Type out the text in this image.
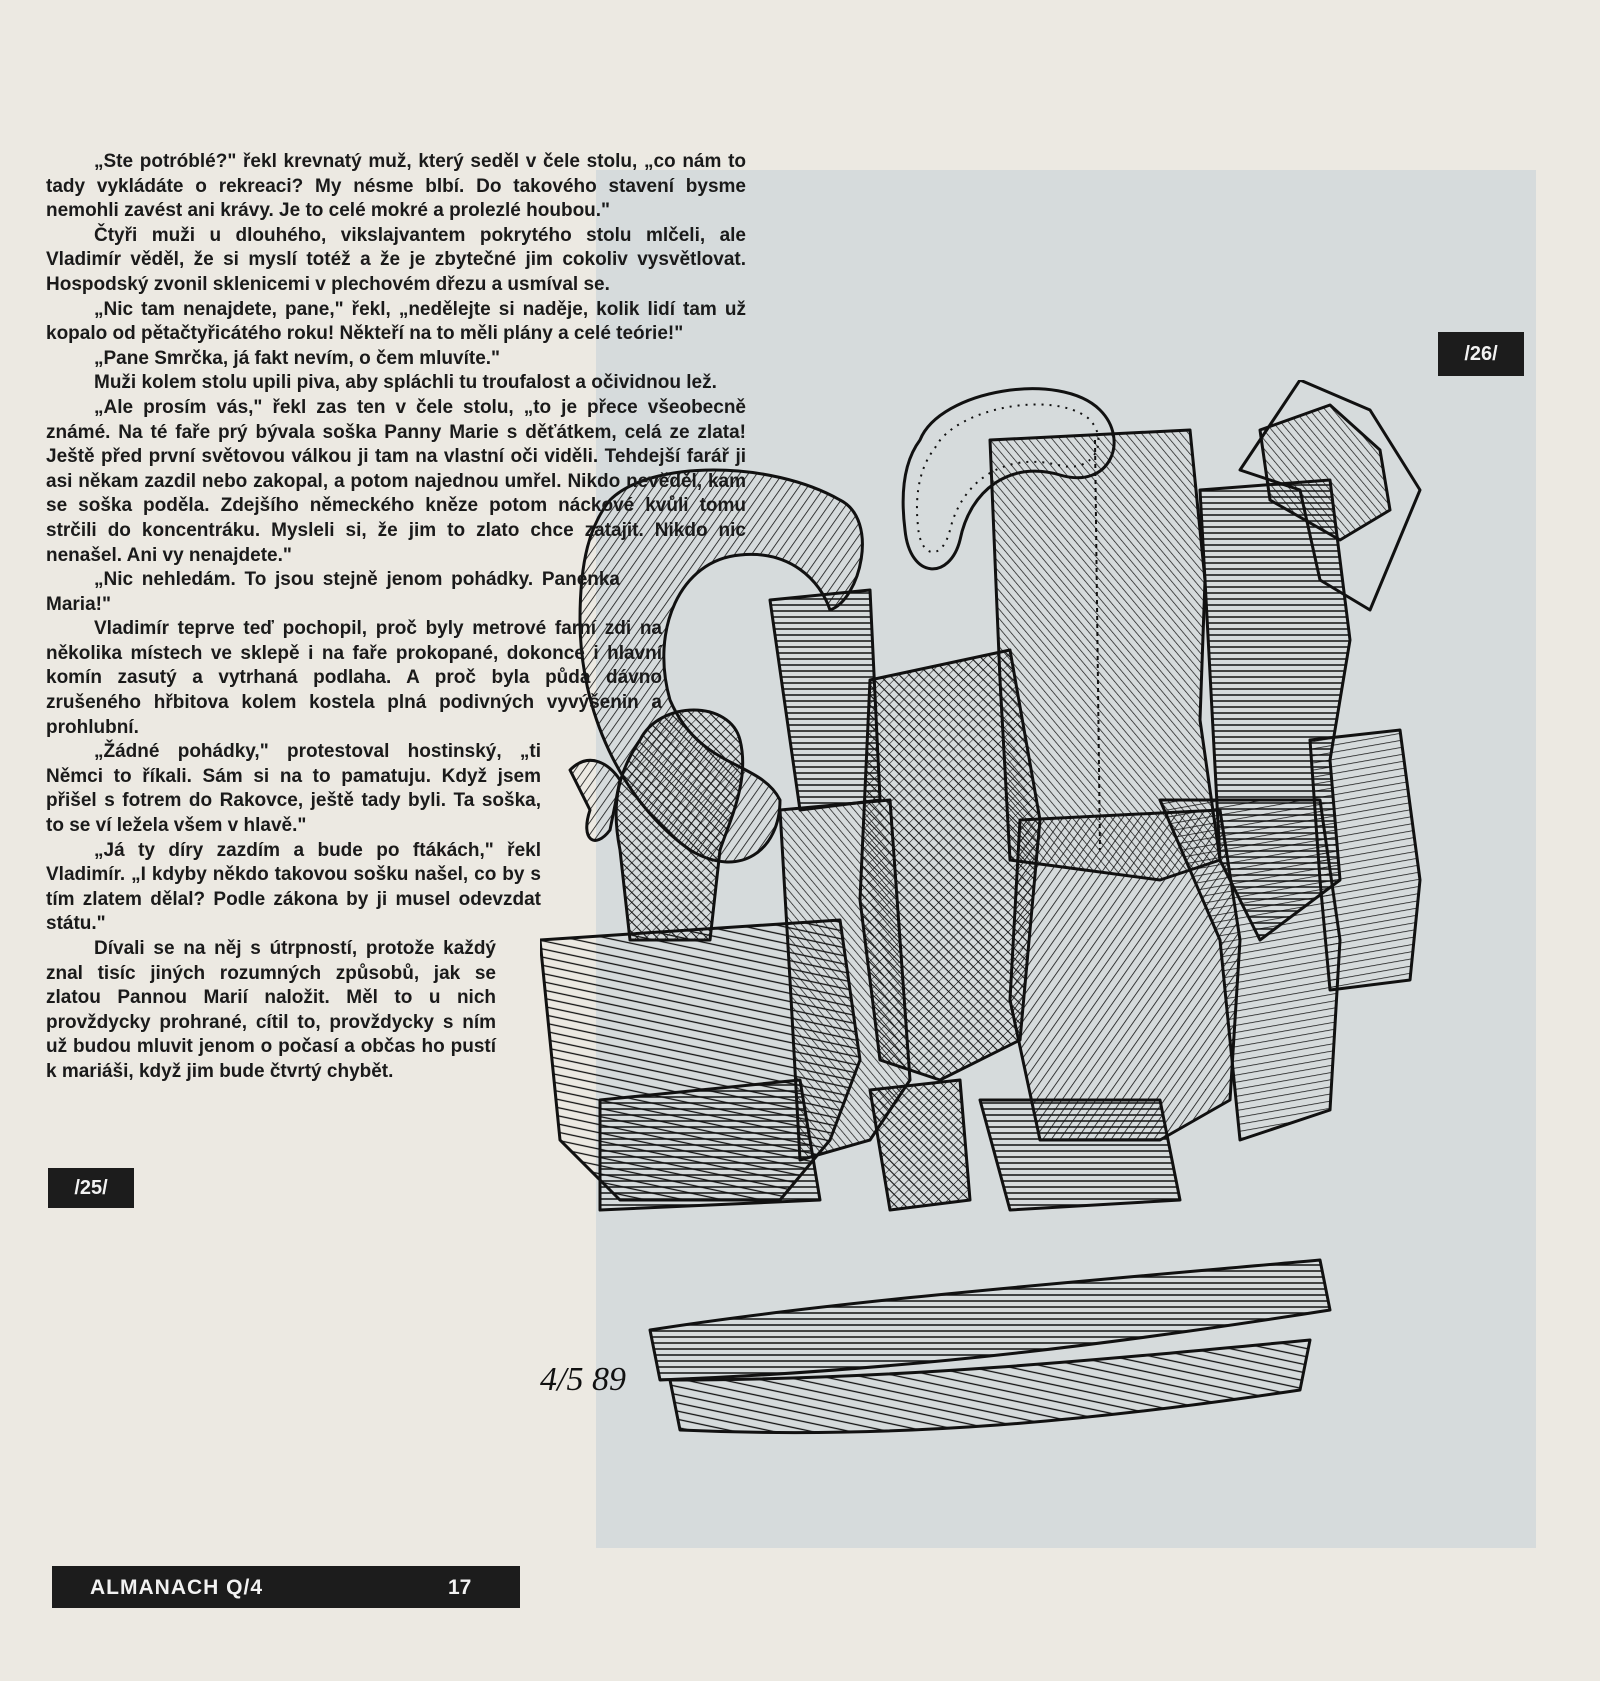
4/5 89

„Ste potróblé?" řekl krevnatý muž, který seděl v čele stolu, „co nám to tady vykládáte o rekreaci? My nésme blbí. Do takového stavení bysme nemohli zavést ani krávy. Je to celé mokré a prolezlé houbou."

Čtyři muži u dlouhého, vikslajvantem pokrytého stolu mlčeli, ale Vladimír věděl, že si myslí totéž a že je zbytečné jim cokoliv vysvětlovat. Hospodský zvonil sklenicemi v plechovém dřezu a usmíval se.

„Nic tam nenajdete, pane," řekl, „nedělejte si naděje, kolik lidí tam už kopalo od pětačtyřicátého roku! Někteří na to měli plány a celé teórie!"

„Pane Smrčka, já fakt nevím, o čem mluvíte."

Muži kolem stolu upili piva, aby spláchli tu troufalost a očividnou lež.

„Ale prosím vás," řekl zas ten v čele stolu, „to je přece všeobecně známé. Na té faře prý bývala soška Panny Marie s děťátkem, celá ze zlata! Ještě před první světovou válkou ji tam na vlastní oči viděli. Tehdejší farář ji asi někam zazdil nebo zakopal, a potom najednou umřel. Nikdo nevěděl, kam se soška poděla. Zdejšího německého kněze potom náckové kvůli tomu strčili do koncentráku. Mysleli si, že jim to zlato chce zatajit. Nikdo nic nenašel. Ani vy nenajdete."

„Nic nehledám. To jsou stejně jenom pohádky. Panenka Maria!"

Vladimír teprve teď pochopil, proč byly metrové farní zdi na několika místech ve sklepě i na faře prokopané, dokonce i hlavní komín zasutý a vytrhaná podlaha. A proč byla půda dávno zrušeného hřbitova kolem kostela plná podivných vyvýšenin a prohlubní.

„Žádné pohádky," protestoval hostinský, „ti Němci to říkali. Sám si na to pamatuju. Když jsem přišel s fotrem do Rakovce, ještě tady byli. Ta soška, to se ví ležela všem v hlavě."

„Já ty díry zazdím a bude po ftákách," řekl Vladimír. „I kdyby někdo takovou sošku našel, co by s tím zlatem dělal? Podle zákona by ji musel odevzdat státu."

Dívali se na něj s útrpností, protože každý znal tisíc jiných rozumných způsobů, jak se zlatou Pannou Marií naložit. Měl to u nich provždycky prohrané, cítil to, provždycky s ním už budou mluvit jenom o počasí a občas ho pustí k mariáši, když jim bude čtvrtý chybět.

/26/
/25/
ALMANACH Q/4	17
